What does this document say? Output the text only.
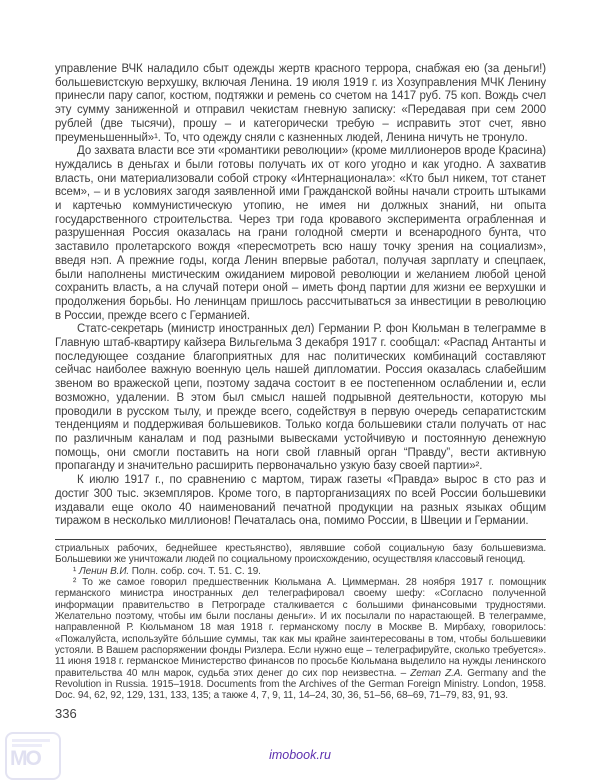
управление ВЧК наладило сбыт одежды жертв красного террора, снабжая ею (за деньги!) большевистскую верхушку, включая Ленина. 19 июля 1919 г. из Хозуправления МЧК Ленину принесли пару сапог, костюм, подтяжки и ремень со счетом на 1417 руб. 75 коп. Вождь счел эту сумму заниженной и отправил чекистам гневную записку: «Передавая при сем 2000 рублей (две тысячи), прошу – и категорически требую – исправить этот счет, явно преуменьшенный»¹. То, что одежду сняли с казненных людей, Ленина ничуть не тронуло.

До захвата власти все эти «романтики революции» (кроме миллионеров вроде Красина) нуждались в деньгах и были готовы получать их от кого угодно и как угодно. А захватив власть, они материализовали собой строку «Интернационала»: «Кто был никем, тот станет всем», – и в условиях загодя заявленной ими Гражданской войны начали строить штыками и картечью коммунистическую утопию, не имея ни должных знаний, ни опыта государственного строительства. Через три года кровавого эксперимента ограбленная и разрушенная Россия оказалась на грани голодной смерти и всенародного бунта, что заставило пролетарского вождя «пересмотреть всю нашу точку зрения на социализм», введя нэп. А прежние годы, когда Ленин впервые работал, получая зарплату и спецпаек, были наполнены мистическим ожиданием мировой революции и желанием любой ценой сохранить власть, а на случай потери оной – иметь фонд партии для жизни ее верхушки и продолжения борьбы. Но ленинцам пришлось рассчитываться за инвестиции в революцию в России, прежде всего с Германией.

Статс-секретарь (министр иностранных дел) Германии Р. фон Кюльман в телеграмме в Главную штаб-квартиру кайзера Вильгельма 3 декабря 1917 г. сообщал: «Распад Антанты и последующее создание благоприятных для нас политических комбинаций составляют сейчас наиболее важную военную цель нашей дипломатии. Россия оказалась слабейшим звеном во вражеской цепи, поэтому задача состоит в ее постепенном ослаблении и, если возможно, удалении. В этом был смысл нашей подрывной деятельности, которую мы проводили в русском тылу, и прежде всего, содействуя в первую очередь сепаратистским тенденциям и поддерживая большевиков. Только когда большевики стали получать от нас по различным каналам и под разными вывесками устойчивую и постоянную денежную помощь, они смогли поставить на ноги свой главный орган “Правду”, вести активную пропаганду и значительно расширить первоначально узкую базу своей партии»².

К июлю 1917 г., по сравнению с мартом, тираж газеты «Правда» вырос в сто раз и достиг 300 тыс. экземпляров. Кроме того, в парторганизациях по всей России большевики издавали еще около 40 наименований печатной продукции на разных языках общим тиражом в несколько миллионов! Печаталась она, помимо России, в Швеции и Германии.

стриальных рабочих, беднейшее крестьянство), являвшие собой социальную базу большевизма. Большевики же уничтожали людей по социальному происхождению, осуществляя классовый геноцид.

¹ Ленин В.И. Полн. собр. соч. Т. 51. С. 19.

² То же самое говорил предшественник Кюльмана А. Циммерман. 28 ноября 1917 г. помощник германского министра иностранных дел телеграфировал своему шефу: «Согласно полученной информации правительство в Петрограде сталкивается с большими финансовыми трудностями. Желательно поэтому, чтобы им были посланы деньги». И их посылали по нарастающей. В телеграмме, направленной Р. Кюльманом 18 мая 1918 г. германскому послу в Москве В. Мирбаху, говорилось: «Пожалуйста, используйте бо́льшие суммы, так как мы крайне заинтересованы в том, чтобы большевики устояли. В Вашем распоряжении фонды Ризлера. Если нужно еще – телеграфируйте, сколько требуется». 11 июня 1918 г. германское Министерство финансов по просьбе Кюльмана выделило на нужды ленинского правительства 40 млн марок, судьба этих денег до сих пор неизвестна. – Zeman Z.A. Germany and the Revolution in Russia. 1915–1918. Documents from the Archives of the German Foreign Ministry. London, 1958. Doc. 94, 62, 92, 129, 131, 133, 135; а также 4, 7, 9, 11, 14–24, 30, 36, 51–56, 68–69, 71–79, 83, 91, 93.

336
MO	imobook.ru
